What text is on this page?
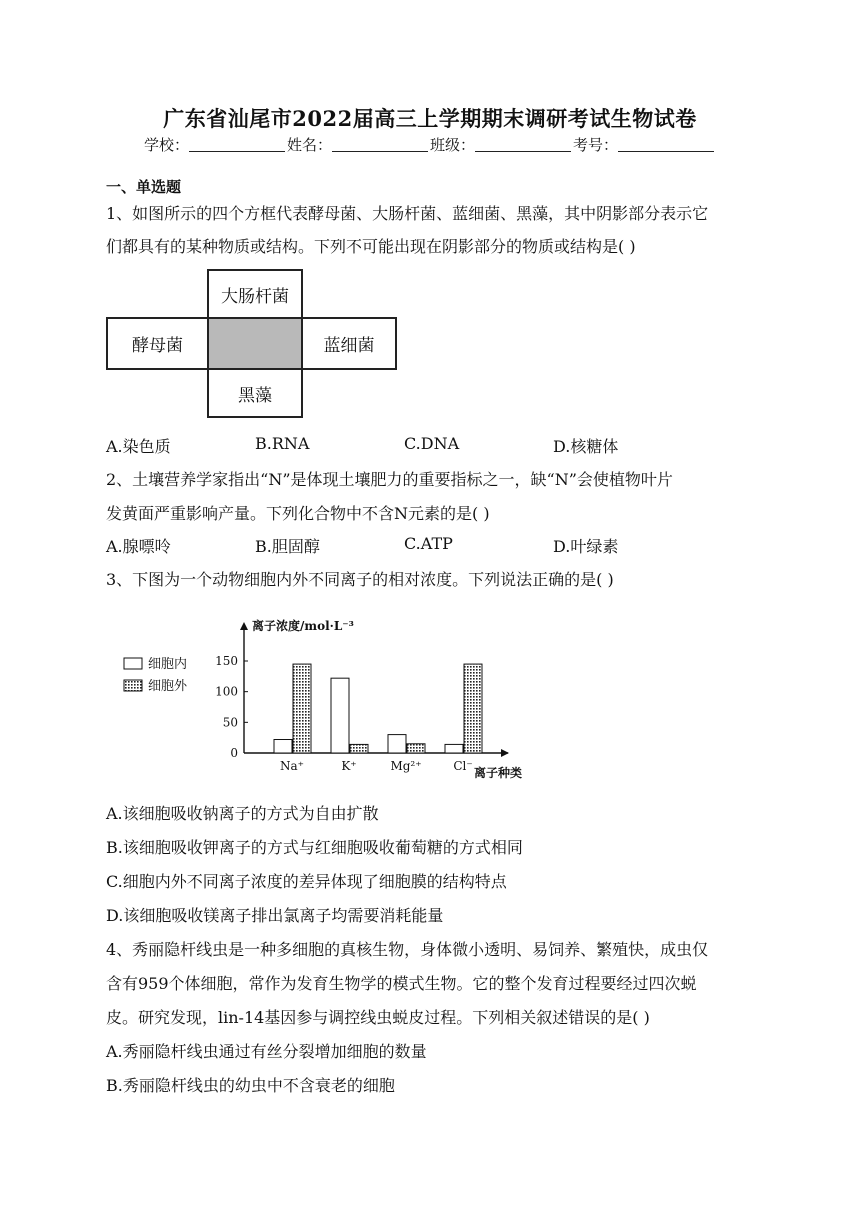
广东省汕尾市2022届高三上学期期末调研考试生物试卷
学校：	姓名：	班级：	考号：
一、单选题
1、如图所示的四个方框代表酵母菌、大肠杆菌、蓝细菌、黑藻，其中阴影部分表示它
们都具有的某种物质或结构。下列不可能出现在阴影部分的物质或结构是( )
大肠杆菌
酵母菌	蓝细菌
黑藻
A.染色质	B.RNA	C.DNA	D.核糖体
2、土壤营养学家指出“N”是体现土壤肥力的重要指标之一，缺“N”会使植物叶片
发黄面严重影响产量。下列化合物中不含N元素的是( )
A.腺嘌呤	B.胆固醇	C.ATP	D.叶绿素
3、下图为一个动物细胞内外不同离子的相对浓度。下列说法正确的是( )
0
50
100
150
Na⁺	K⁺	Mg²⁺	Cl⁻
细胞内
细胞外
离子浓度/mol·L⁻³
离子种类
A.该细胞吸收钠离子的方式为自由扩散
B.该细胞吸收钾离子的方式与红细胞吸收葡萄糖的方式相同
C.细胞内外不同离子浓度的差异体现了细胞膜的结构特点
D.该细胞吸收镁离子排出氯离子均需要消耗能量
4、秀丽隐杆线虫是一种多细胞的真核生物，身体微小透明、易饲养、繁殖快，成虫仅
含有959个体细胞，常作为发育生物学的模式生物。它的整个发育过程要经过四次蜕
皮。研究发现，lin-14基因参与调控线虫蜕皮过程。下列相关叙述错误的是( )
A.秀丽隐杆线虫通过有丝分裂增加细胞的数量
B.秀丽隐杆线虫的幼虫中不含衰老的细胞
